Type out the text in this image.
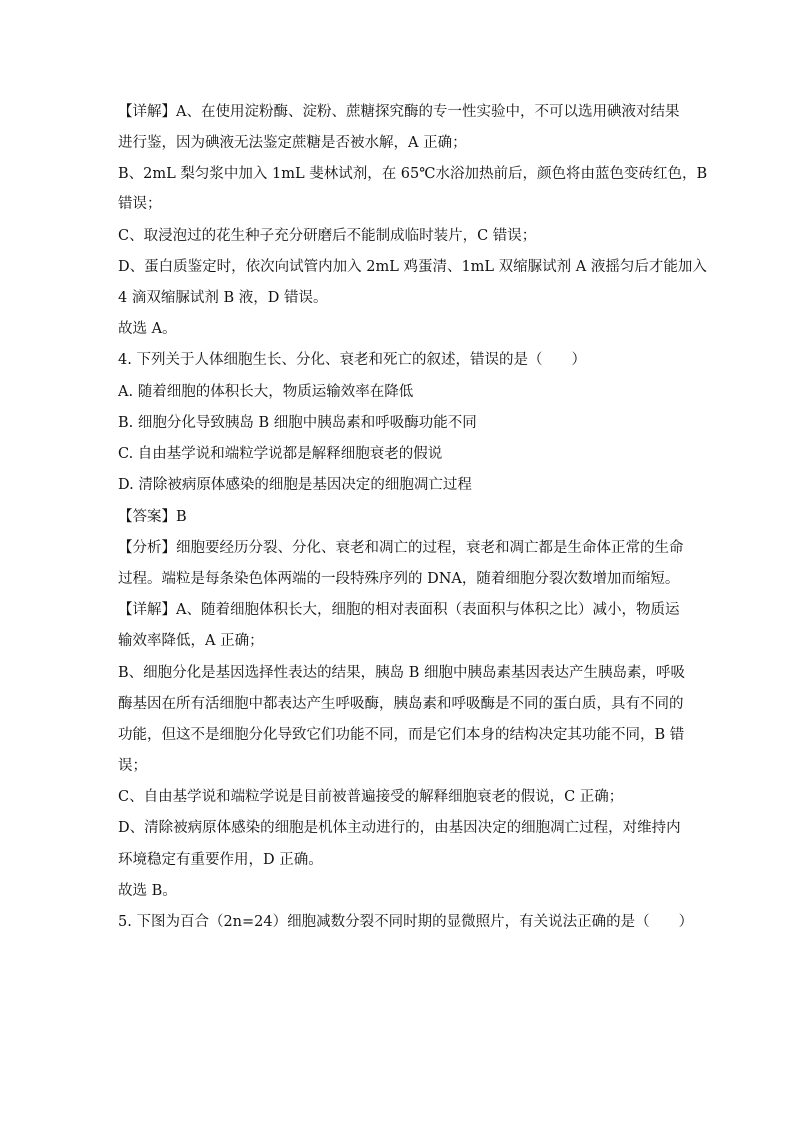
【详解】A、在使用淀粉酶、淀粉、蔗糖探究酶的专一性实验中，不可以选用碘液对结果
进行鉴，因为碘液无法鉴定蔗糖是否被水解，A 正确；
B、2mL 梨匀浆中加入 1mL 斐林试剂，在 65℃水浴加热前后，颜色将由蓝色变砖红色，B
错误；
C、取浸泡过的花生种子充分研磨后不能制成临时装片，C 错误；
D、蛋白质鉴定时，依次向试管内加入 2mL 鸡蛋清、1mL 双缩脲试剂 A 液摇匀后才能加入
4 滴双缩脲试剂 B 液，D 错误。
故选 A。
4. 下列关于人体细胞生长、分化、衰老和死亡的叙述，错误的是（　　）
A. 随着细胞的体积长大，物质运输效率在降低
B. 细胞分化导致胰岛 B 细胞中胰岛素和呼吸酶功能不同
C. 自由基学说和端粒学说都是解释细胞衰老的假说
D. 清除被病原体感染的细胞是基因决定的细胞凋亡过程
【答案】B
【分析】细胞要经历分裂、分化、衰老和凋亡的过程，衰老和凋亡都是生命体正常的生命
过程。端粒是每条染色体两端的一段特殊序列的 DNA，随着细胞分裂次数增加而缩短。
【详解】A、随着细胞体积长大，细胞的相对表面积（表面积与体积之比）减小，物质运
输效率降低，A 正确；
B、细胞分化是基因选择性表达的结果，胰岛 B 细胞中胰岛素基因表达产生胰岛素，呼吸
酶基因在所有活细胞中都表达产生呼吸酶，胰岛素和呼吸酶是不同的蛋白质，具有不同的
功能，但这不是细胞分化导致它们功能不同，而是它们本身的结构决定其功能不同，B 错
误；
C、自由基学说和端粒学说是目前被普遍接受的解释细胞衰老的假说，C 正确；
D、清除被病原体感染的细胞是机体主动进行的，由基因决定的细胞凋亡过程，对维持内
环境稳定有重要作用，D 正确。
故选 B。
5. 下图为百合（2n=24）细胞减数分裂不同时期的显微照片，有关说法正确的是（　　）
